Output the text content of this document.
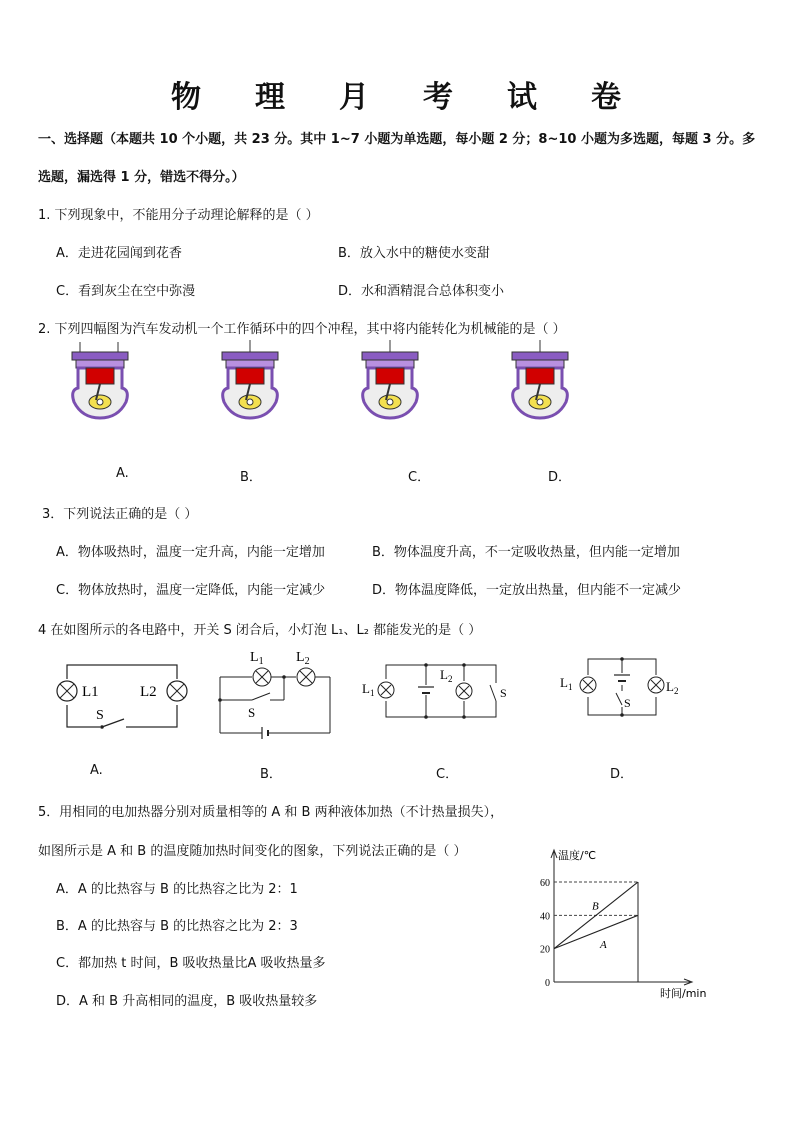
物 理 月 考 试 卷
一、选择题（本题共 10 个小题，共 23 分。其中 1~7 小题为单选题，每小题 2 分；8~10 小题为多选题，每题 3 分。多
选题，漏选得 1 分，错选不得分。）
1. 下列现象中，不能用分子动理论解释的是（ ）
A．走进花园闻到花香	B．放入水中的糖使水变甜
C．看到灰尘在空中弥漫	D．水和酒精混合总体积变小
2. 下列四幅图为汽车发动机一个工作循环中的四个冲程，其中将内能转化为机械能的是（ ）
A.	B．	C．	D．
3．下列说法正确的是（ ）
A．物体吸热时，温度一定升高，内能一定增加	B．物体温度升高，不一定吸收热量，但内能一定增加
C．物体放热时，温度一定降低，内能一定减少	D．物体温度降低，一定放出热量，但内能不一定减少
4 在如图所示的各电路中，开关 S 闭合后，小灯泡 L₁、L₂ 都能发光的是（ ）
L1	L2
S
$L_1$ $L_2$
S
$L_1$
$L_2$
S
$L_1$	$L_2$
S
A.	B．	C．	D．
5．用相同的电加热器分别对质量相等的 A 和 B 两种液体加热（不计热量损失），
如图所示是 A 和 B 的温度随加热时间变化的图象，下列说法正确的是（ ）
A．A 的比热容与 B 的比热容之比为 2：1
B．A 的比热容与 B 的比热容之比为 2：3
C．都加热 t 时间，B 吸收热量比A 吸收热量多
D．A 和 B 升高相同的温度，B 吸收热量较多
0
20
40
60
B
A
温度/℃
时间/min
